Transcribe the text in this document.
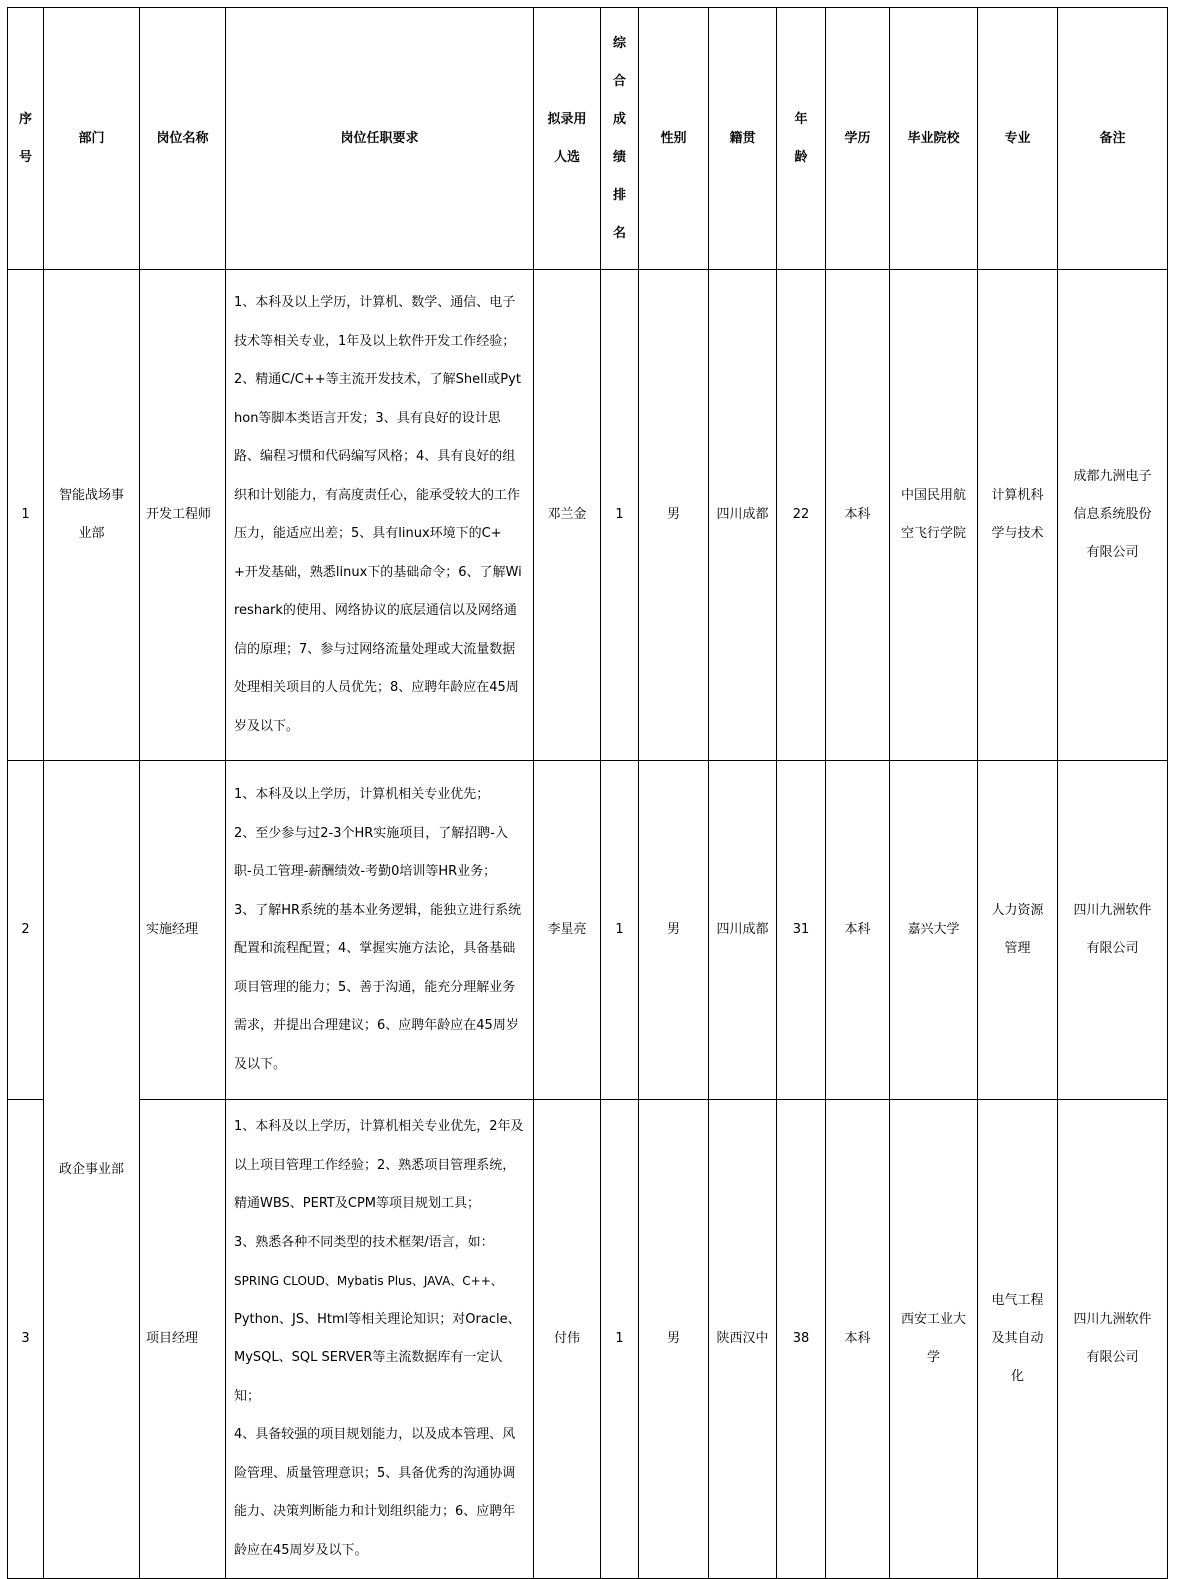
序号	部门	岗位名称	岗位任职要求	拟录用人选	综合成绩排名	性别	籍贯	年龄	学历	毕业院校	专业	备注
1	智能战场事业部	开发工程师	1、本科及以上学历，计算机、数学、通信、电子技术等相关专业，1年及以上软件开发工作经验；2、精通C/C++等主流开发技术，了解Shell或Python等脚本类语言开发；3、具有良好的设计思路、编程习惯和代码编写风格；4、具有良好的组织和计划能力，有高度责任心，能承受较大的工作压力，能适应出差；5、具有linux环境下的C++开发基础，熟悉linux下的基础命令；6、了解Wireshark的使用、网络协议的底层通信以及网络通信的原理；7、参与过网络流量处理或大流量数据处理相关项目的人员优先；8、应聘年龄应在45周岁及以下。	邓兰金	1	男	四川成都	22	本科	中国民用航空飞行学院	计算机科学与技术	成都九洲电子信息系统股份有限公司
2	政企事业部	实施经理	1、本科及以上学历，计算机相关专业优先；
2、至少参与过2-3个HR实施项目，了解招聘-入职-员工管理-薪酬绩效-考勤0培训等HR业务；
3、了解HR系统的基本业务逻辑，能独立进行系统配置和流程配置；4、掌握实施方法论，具备基础项目管理的能力；5、善于沟通，能充分理解业务需求，并提出合理建议；6、应聘年龄应在45周岁及以下。	李星亮	1	男	四川成都	31	本科	嘉兴大学	人力资源管理	四川九洲软件有限公司
3		项目经理	1、本科及以上学历，计算机相关专业优先，2年及以上项目管理工作经验；2、熟悉项目管理系统，精通WBS、PERT及CPM等项目规划工具；
3、熟悉各种不同类型的技术框架/语言，如：
SPRING CLOUD、Mybatis Plus、JAVA、C++、
Python、JS、Html等相关理论知识；对Oracle、MySQL、SQL SERVER等主流数据库有一定认知；
4、具备较强的项目规划能力，以及成本管理、风险管理、质量管理意识；5、具备优秀的沟通协调能力、决策判断能力和计划组织能力；6、应聘年龄应在45周岁及以下。	付伟	1	男	陕西汉中	38	本科	西安工业大学	电气工程及其自动化	四川九洲软件有限公司
